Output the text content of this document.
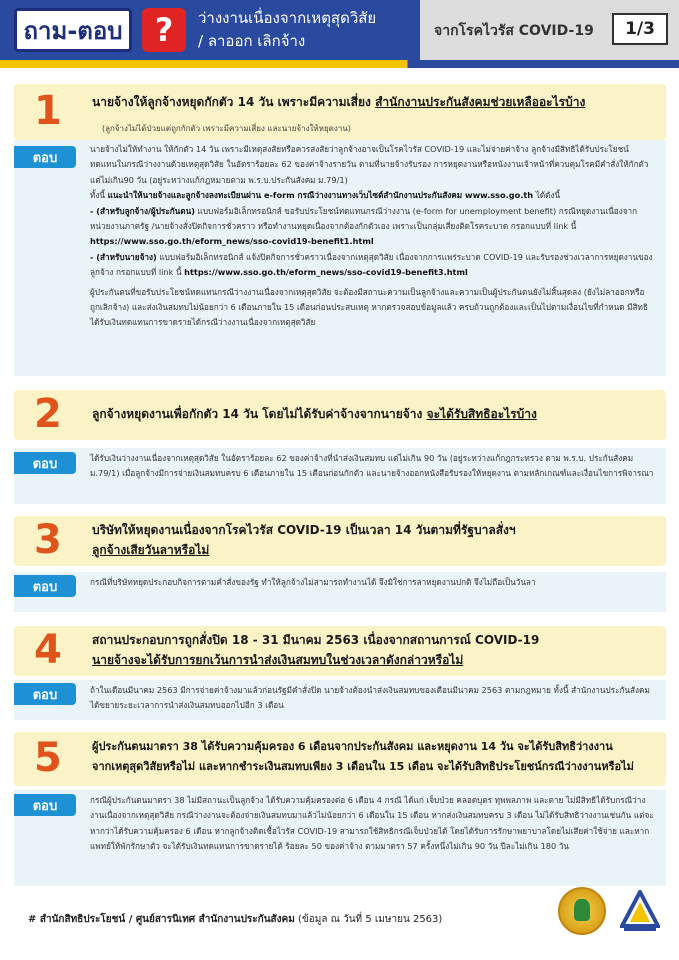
ถาม-ตอบ	?	ว่างงานเนื่องจากเหตุสุดวิสัย
/ ลาออก เลิกจ้าง
จากโรคไวรัส COVID-19	1/3
1	นายจ้างให้ลูกจ้างหยุดกักตัว 14 วัน เพราะมีความเสี่ยง สำนักงานประกันสังคมช่วยเหลืออะไรบ้าง
(ลูกจ้างไม่ได้ป่วยแต่ถูกกักตัว เพราะมีความเสี่ยง และนายจ้างให้หยุดงาน)
ตอบ

นายจ้างไม่ให้ทำงาน ให้กักตัว 14 วัน เพราะมีเหตุสงสัยหรือควรสงสัยว่าลูกจ้างอาจเป็นโรคไวรัส COVID-19 และไม่จ่ายค่าจ้าง ลูกจ้างมีสิทธิได้รับประโยชน์ทดแทนในกรณีว่างงานด้วยเหตุสุดวิสัย ในอัตราร้อยละ 62 ของค่าจ้างรายวัน ตามที่นายจ้างรับรอง การหยุดงานหรือหนังงานเจ้าหน้าที่ควบคุมโรคมีคำสั่งให้กักตัว แต่ไม่เกิน90 วัน (อยู่ระหว่างแก้กฎหมายตาม พ.ร.บ.ประกันสังคม ม.79/1)

ทั้งนี้ แนะนำให้นายจ้างและลูกจ้างลงทะเบียนผ่าน e-form กรณีว่างงานทางเว็บไซต์สำนักงานประกันสังคม www.sso.go.th ได้ดังนี้

- (สำหรับลูกจ้าง/ผู้ประกันตน) แบบฟอร์มอิเล็กทรอนิกส์ ขอรับประโยชน์ทดแทนกรณีว่างงาน (e-form for unemployment benefit) กรณีหยุดงานเนื่องจากหน่วยงานภาครัฐ /นายจ้างสั่งปิดกิจการชั่วคราว หรือทำงานหยุดเนื่องจากต้องกักตัวเอง เพราะเป็นกลุ่มเสี่ยงติดโรคระบาด กรอกแบบที่ link นี้ https://www.sso.go.th/eform_news/sso-covid19-benefit1.html

- (สำหรับนายจ้าง) แบบฟอร์มอิเล็กทรอนิกส์ แจ้งปิดกิจการชั่วคราวเนื่องจากเหตุสุดวิสัย เนื่องจากการแพร่ระบาด COVID-19 และรับรองช่วงเวลาการหยุดงานของลูกจ้าง กรอกแบบที่ link นี้ https://www.sso.go.th/eform_news/sso-covid19-benefit3.html

ผู้ประกันตนที่ขอรับประโยชน์ทดแทนกรณีว่างงานเนื่องจากเหตุสุดวิสัย จะต้องมีสถานะความเป็นลูกจ้างและความเป็นผู้ประกันตนยังไม่สิ้นสุดลง (ยังไม่ลาออกหรือถูกเลิกจ้าง) และส่งเงินสมทบไม่น้อยกว่า 6 เดือนภายใน 15 เดือนก่อนประสบเหตุ หากตรวจสอบข้อมูลแล้ว ครบถ้วนถูกต้องและเป็นไปตามเงื่อนไขที่กำหนด มีสิทธิได้รับเงินทดแทนการขาดรายได้กรณีว่างงานเนื่องจากเหตุสุดวิสัย

2	ลูกจ้างหยุดงานเพื่อกักตัว 14 วัน โดยไม่ได้รับค่าจ้างจากนายจ้าง จะได้รับสิทธิอะไรบ้าง
ตอบ	ได้รับเงินว่างงานเนื่องจากเหตุสุดวิสัย ในอัตราร้อยละ 62 ของค่าจ้างที่นำส่งเงินสมทบ แต่ไม่เกิน 90 วัน (อยู่ระหว่างแก้กฎกระทรวง ตาม พ.ร.บ. ประกันสังคม ม.79/1) เมื่อลูกจ้างมีการจ่ายเงินสมทบครบ 6 เดือนภายใน 15 เดือนก่อนกักตัว และนายจ้างออกหนังสือรับรองให้หยุดงาน ตามหลักเกณฑ์และเงื่อนไขการพิจารณา
3	บริษัทให้หยุดงานเนื่องจากโรคไวรัส COVID-19 เป็นเวลา 14 วันตามที่รัฐบาลสั่งฯ
ลูกจ้างเสียวันลาหรือไม่
ตอบ	กรณีที่บริษัทหยุดประกอบกิจการตามคำสั่งของรัฐ ทำให้ลูกจ้างไม่สามารถทำงานได้ จึงมิใช่การลาหยุดงานปกติ จึงไม่ถือเป็นวันลา
4	สถานประกอบการถูกสั่งปิด 18 - 31 มีนาคม 2563 เนื่องจากสถานการณ์ COVID-19
นายจ้างจะได้รับการยกเว้นการนำส่งเงินสมทบในช่วงเวลาดังกล่าวหรือไม่
ตอบ	ถ้าในเดือนมีนาคม 2563 มีการจ่ายค่าจ้างมาแล้วก่อนรัฐมีคำสั่งปิด นายจ้างต้องนำส่งเงินสมทบของเดือนมีนาคม 2563 ตามกฎหมาย ทั้งนี้ สำนักงานประกันสังคมได้ขยายระยะเวลาการนำส่งเงินสมทบออกไปอีก 3 เดือน
5	ผู้ประกันตนมาตรา 38 ได้รับความคุ้มครอง 6 เดือนจากประกันสังคม และหยุดงาน 14 วัน จะได้รับสิทธิว่างงาน
จากเหตุสุดวิสัยหรือไม่ และหากชำระเงินสมทบเพียง 3 เดือนใน 15 เดือน จะได้รับสิทธิประโยชน์กรณีว่างงานหรือไม่
ตอบ	กรณีผู้ประกันตนมาตรา 38 ไม่มีสถานะเป็นลูกจ้าง ได้รับความคุ้มครองต่อ 6 เดือน 4 กรณี ได้แก่ เจ็บป่วย คลอดบุตร ทุพพลภาพ และตาย ไม่มีสิทธิได้รับกรณีว่างงานเนื่องจากเหตุสุดวิสัย กรณีว่างงานจะต้องจ่ายเงินสมทบมาแล้วไม่น้อยกว่า 6 เดือนใน 15 เดือน หากส่งเงินสมทบครบ 3 เดือน ไม่ได้รับสิทธิว่างงานเช่นกัน แต่จะหากว่าได้รับความคุ้มครอง 6 เดือน หากลูกจ้างติดเชื้อไวรัส COVID-19 สามารถใช้สิทธิกรณีเจ็บป่วยได้ โดยได้รับการรักษาพยาบาลโดยไม่เสียค่าใช้จ่าย และหากแพทย์ให้พักรักษาตัว จะได้รับเงินทดแทนการขาดรายได้ ร้อยละ 50 ของค่าจ้าง ตามมาตรา 57 ครั้งหนึ่งไม่เกิน 90 วัน ปีละไม่เกิน 180 วัน
# สำนักสิทธิประโยชน์ / ศูนย์สารนิเทศ สำนักงานประกันสังคม (ข้อมูล ณ วันที่ 5 เมษายน 2563)
